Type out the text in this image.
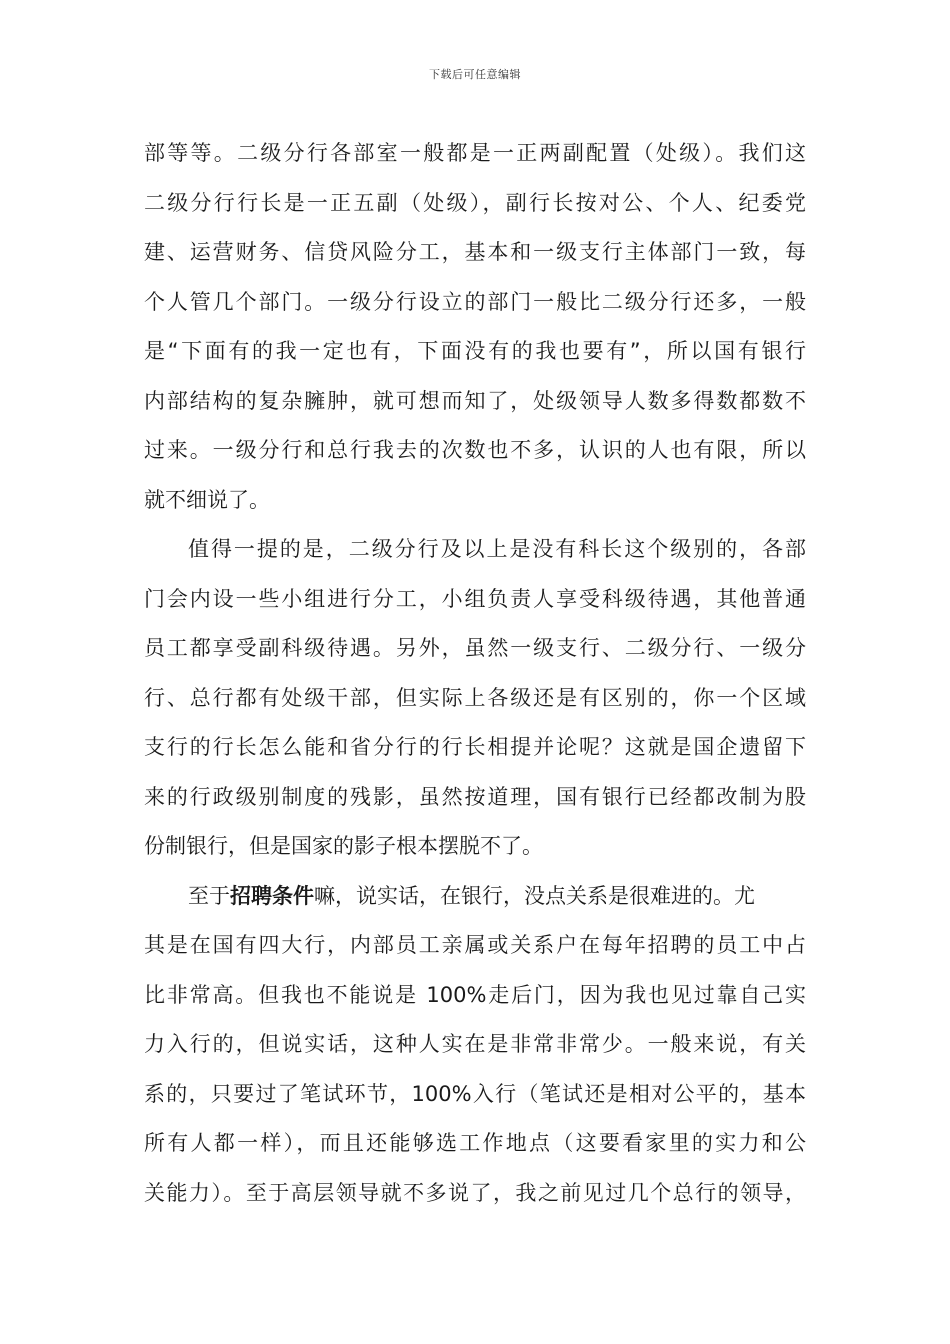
下载后可任意编辑
部等等。二级分行各部室一般都是一正两副配置（处级）。我们这
二级分行行长是一正五副（处级），副行长按对公、个人、纪委党
建、运营财务、信贷风险分工，基本和一级支行主体部门一致，每
个人管几个部门。一级分行设立的部门一般比二级分行还多，一般
是“下面有的我一定也有，下面没有的我也要有”，所以国有银行
内部结构的复杂臃肿，就可想而知了，处级领导人数多得数都数不
过来。一级分行和总行我去的次数也不多，认识的人也有限，所以
就不细说了。
值得一提的是，二级分行及以上是没有科长这个级别的，各部
门会内设一些小组进行分工，小组负责人享受科级待遇，其他普通
员工都享受副科级待遇。另外，虽然一级支行、二级分行、一级分
行、总行都有处级干部，但实际上各级还是有区别的，你一个区域
支行的行长怎么能和省分行的行长相提并论呢？这就是国企遗留下
来的行政级别制度的残影，虽然按道理，国有银行已经都改制为股
份制银行，但是国家的影子根本摆脱不了。
至于招聘条件嘛，说实话，在银行，没点关系是很难进的。尤
其是在国有四大行，内部员工亲属或关系户在每年招聘的员工中占
比非常高。但我也不能说是 100%走后门，因为我也见过靠自己实
力入行的，但说实话，这种人实在是非常非常少。一般来说，有关
系的，只要过了笔试环节，100%入行（笔试还是相对公平的，基本
所有人都一样），而且还能够选工作地点（这要看家里的实力和公
关能力）。至于高层领导就不多说了，我之前见过几个总行的领导，
